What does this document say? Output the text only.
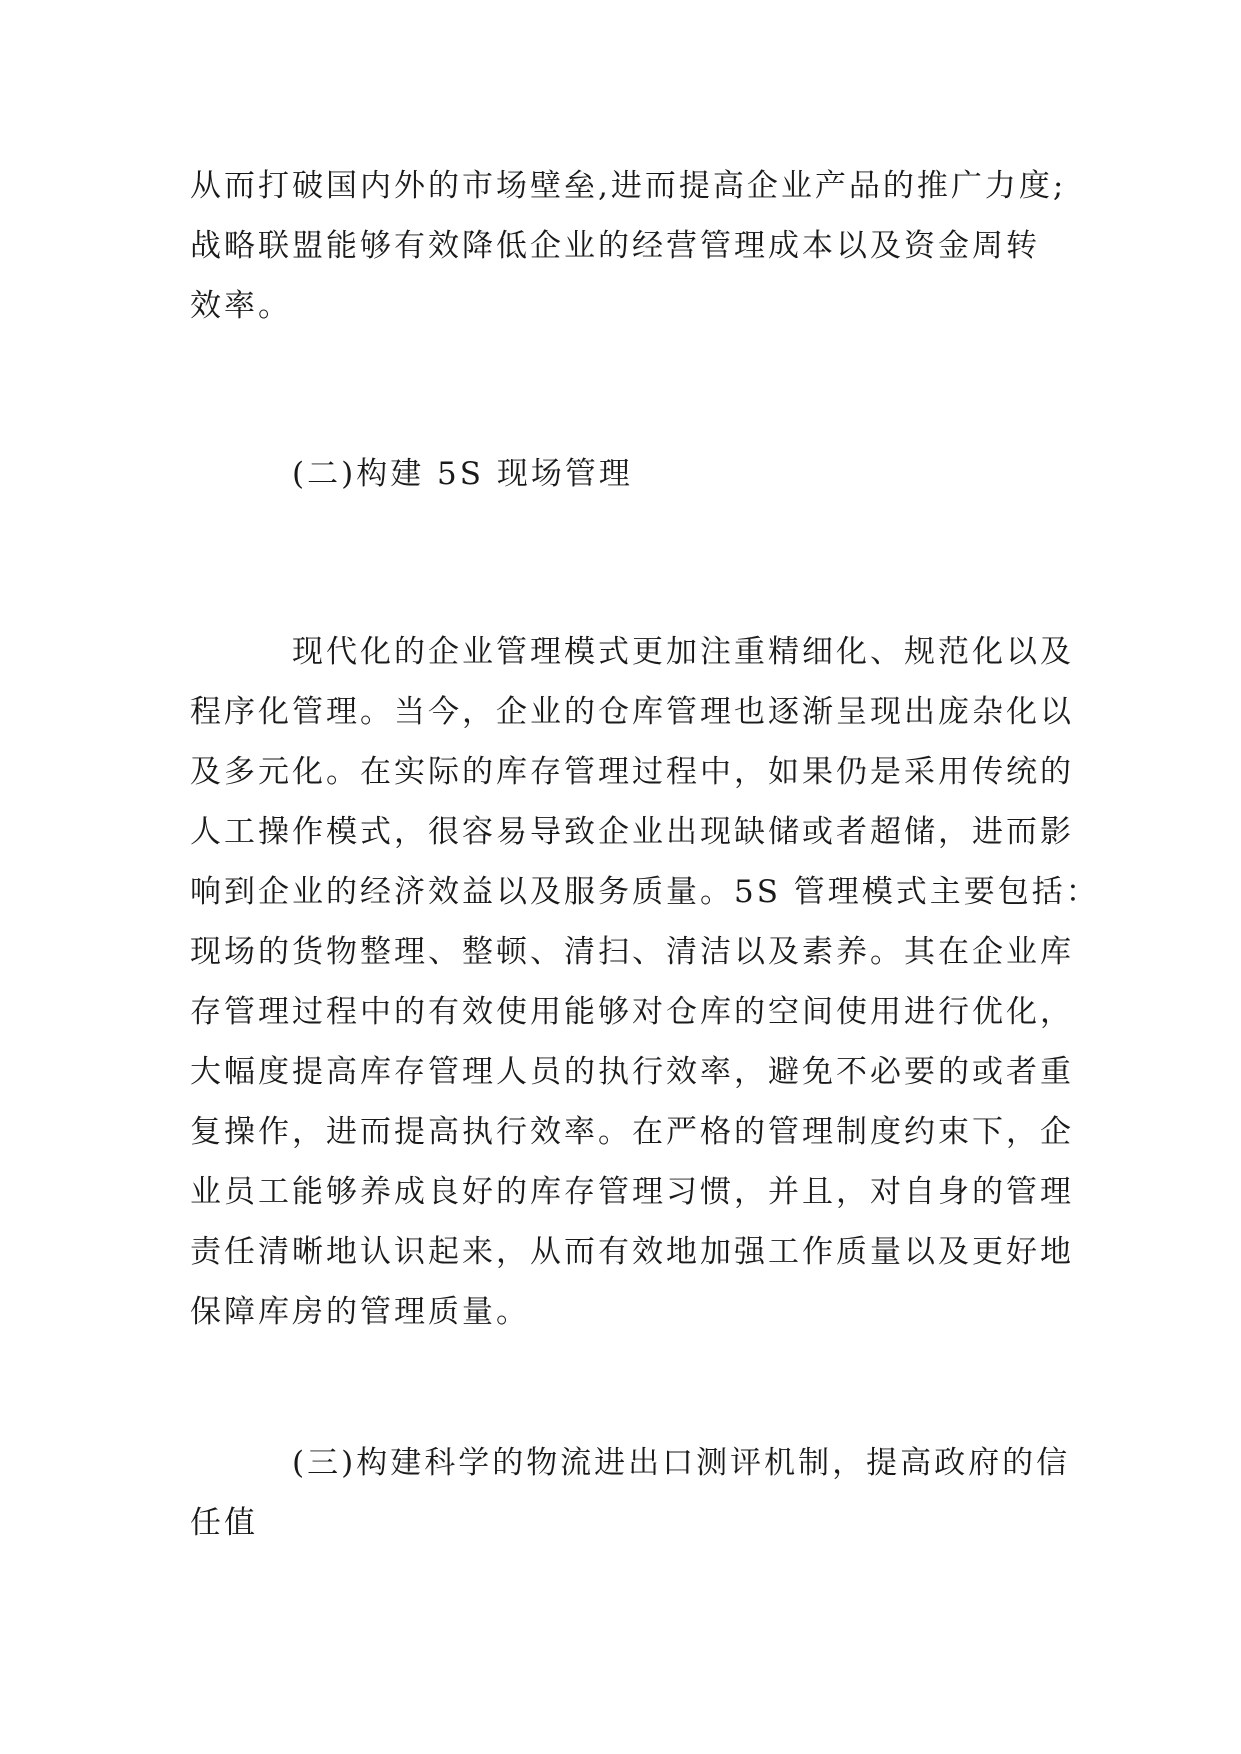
从而打破国内外的市场壁垒,进而提高企业产品的推广力度;
战略联盟能够有效降低企业的经营管理成本以及资金周转
效率。

　　　(二)构建 5S 现场管理

　　　现代化的企业管理模式更加注重精细化、规范化以及
程序化管理。当今，企业的仓库管理也逐渐呈现出庞杂化以
及多元化。在实际的库存管理过程中，如果仍是采用传统的
人工操作模式，很容易导致企业出现缺储或者超储，进而影
响到企业的经济效益以及服务质量。5S 管理模式主要包括：
现场的货物整理、整顿、清扫、清洁以及素养。其在企业库
存管理过程中的有效使用能够对仓库的空间使用进行优化，
大幅度提高库存管理人员的执行效率，避免不必要的或者重
复操作，进而提高执行效率。在严格的管理制度约束下，企
业员工能够养成良好的库存管理习惯，并且，对自身的管理
责任清晰地认识起来，从而有效地加强工作质量以及更好地
保障库房的管理质量。

　　　(三)构建科学的物流进出口测评机制，提高政府的信
任值
